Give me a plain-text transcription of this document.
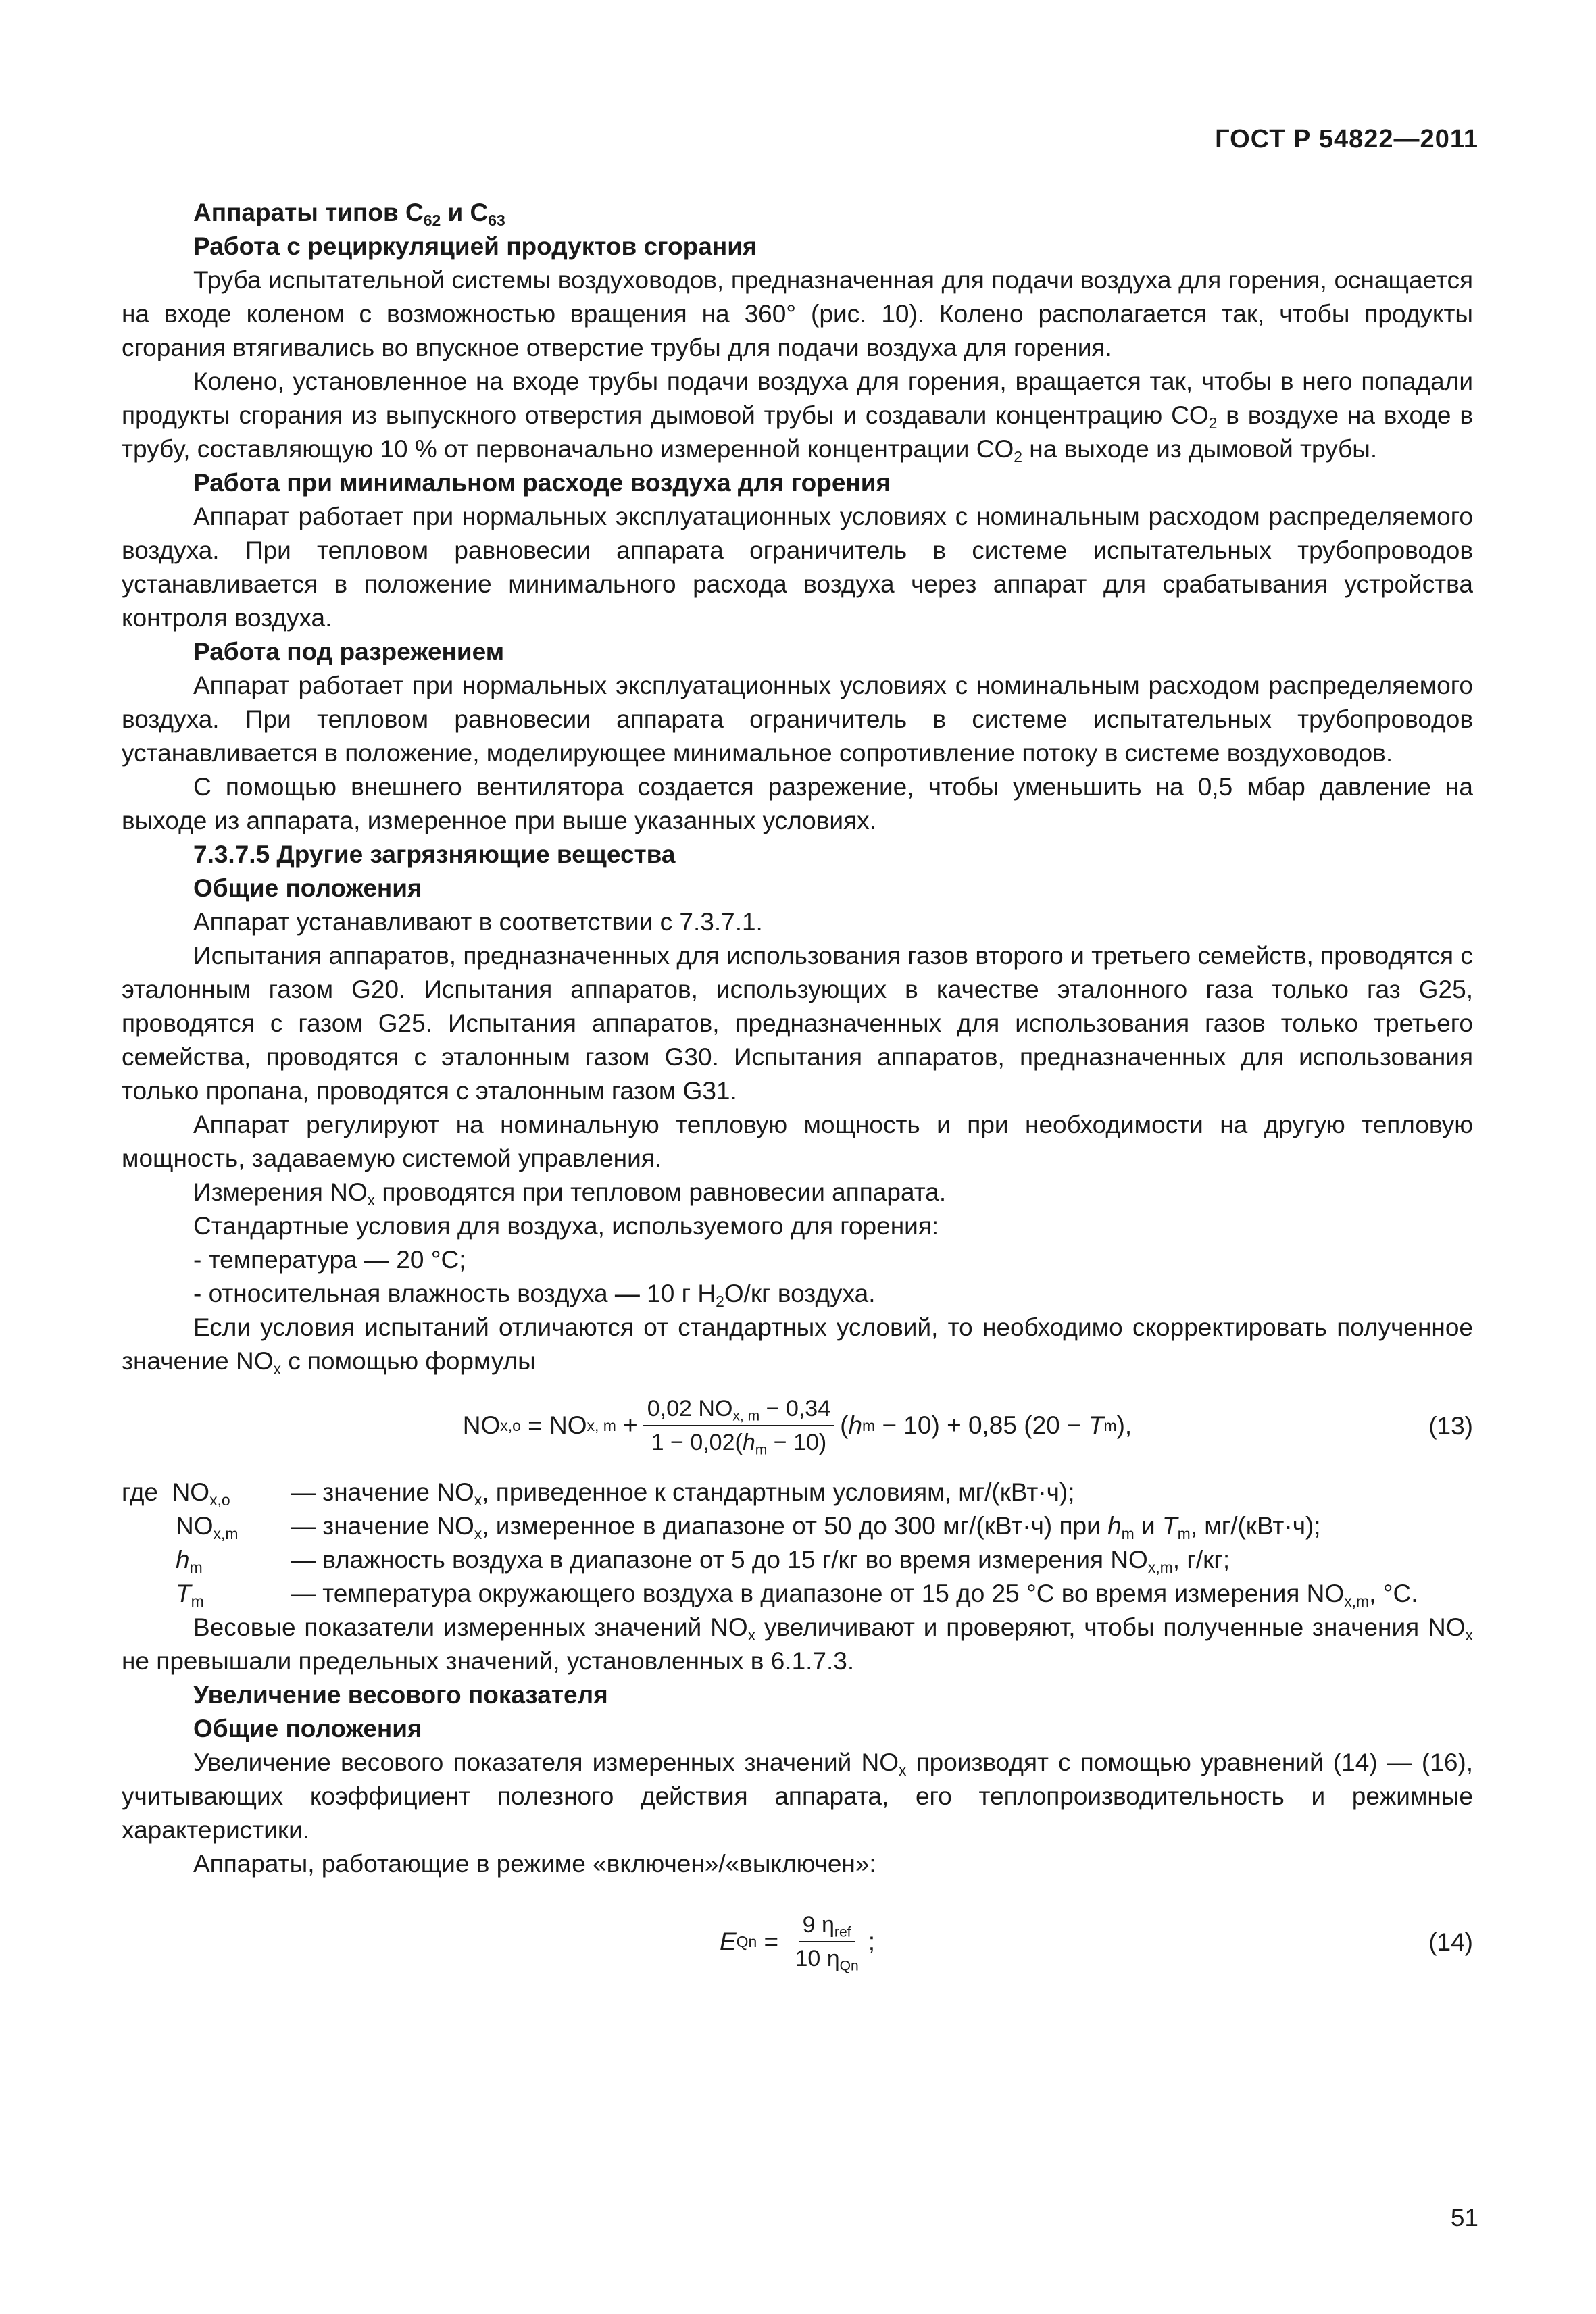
ГОСТ Р 54822—2011

Аппараты типов $C_{62}$ и $C_{63}$

Работа с рециркуляцией продуктов сгорания

Труба испытательной системы воздуховодов, предназначенная для подачи воздуха для горения, оснащается на входе коленом с возможностью вращения на 360° (рис. 10). Колено располагается так, чтобы продукты сгорания втягивались во впускное отверстие трубы для подачи воздуха для горения.

Колено, установленное на входе трубы подачи воздуха для горения, вращается так, чтобы в него попадали продукты сгорания из выпускного отверстия дымовой трубы и создавали концентрацию $CO_2$ в воздухе на входе в трубу, составляющую 10 % от первоначально измеренной концентрации $CO_2$ на выходе из дымовой трубы.

Работа при минимальном расходе воздуха для горения

Аппарат работает при нормальных эксплуатационных условиях с номинальным расходом распределяемого воздуха. При тепловом равновесии аппарата ограничитель в системе испытательных трубопроводов устанавливается в положение минимального расхода воздуха через аппарат для срабатывания устройства контроля воздуха.

Работа под разрежением

Аппарат работает при нормальных эксплуатационных условиях с номинальным расходом распределяемого воздуха. При тепловом равновесии аппарата ограничитель в системе испытательных трубопроводов устанавливается в положение, моделирующее минимальное сопротивление потоку в системе воздуховодов.

С помощью внешнего вентилятора создается разрежение, чтобы уменьшить на 0,5 мбар давление на выходе из аппарата, измеренное при выше указанных условиях.

7.3.7.5 Другие загрязняющие вещества

Общие положения

Аппарат устанавливают в соответствии с 7.3.7.1.

Испытания аппаратов, предназначенных для использования газов второго и третьего семейств, проводятся с эталонным газом G20. Испытания аппаратов, использующих в качестве эталонного газа только газ G25, проводятся с газом G25. Испытания аппаратов, предназначенных для использования газов только третьего семейства, проводятся с эталонным газом G30. Испытания аппаратов, предназначенных для использования только пропана, проводятся с эталонным газом G31.

Аппарат регулируют на номинальную тепловую мощность и при необходимости на другую тепловую мощность, задаваемую системой управления.

Измерения $NO_x$ проводятся при тепловом равновесии аппарата.

Стандартные условия для воздуха, используемого для горения:

- температура — 20 °С;

- относительная влажность воздуха — 10 г $H_2O/кг$ воздуха.

Если условия испытаний отличаются от стандартных условий, то необходимо скорректировать полученное значение $NO_x$ с помощью формулы

NO x,o = NO x, $m + \frac{0,02 NO_{x, m} - 0,34}{1 - 0,02(h_m - 10)}$ ( h m − 10) + 0,85 (20 − T m ),	(13)
где $NO_{x,o}$	— значение $NO_x$, приведенное к стандартным условиям, мг/(кВт·ч);
$NO_{x,m}$	— значение $NO_x$, измеренное в диапазоне от 50 до 300 мг/(кВт·ч) при $h_m$ и $T_m$, мг/(кВт·ч);
$h_m$	— влажность воздуха в диапазоне от 5 до 15 г/кг во время измерения $NO_{x,m}$, г/кг;
$T_m$	— температура окружающего воздуха в диапазоне от 15 до 25 °С во время измерения $NO_{x,m}$, °С.

Весовые показатели измеренных значений $NO_x$ увеличивают и проверяют, чтобы полученные значения $NO_x$ не превышали предельных значений, установленных в 6.1.7.3.

Увеличение весового показателя

Общие положения

Увеличение весового показателя измеренных значений $NO_x$ производят с помощью уравнений (14) — (16), учитывающих коэффициент полезного действия аппарата, его теплопроизводительность и режимные характеристики.

Аппараты, работающие в режиме «включен»/«выключен»:

E $Qn = \frac{9 \eta_{ref}}{10 \eta_{Qn}}$ ;	(14)
51
